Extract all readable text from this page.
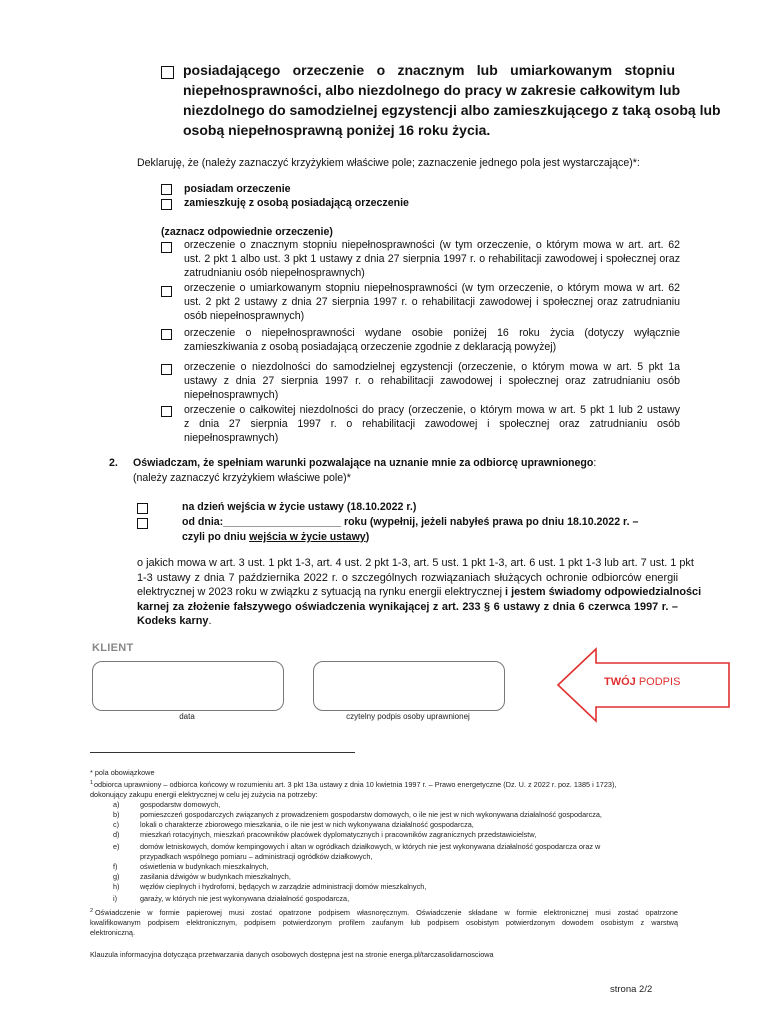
posiadającego orzeczenie o znacznym lub umiarkowanym stopniu
niepełnosprawności, albo niezdolnego do pracy w zakresie całkowitym lub
niezdolnego do samodzielnej egzystencji albo zamieszkującego z taką osobą lub
osobą niepełnosprawną poniżej 16 roku życia.
Deklaruję, że (należy zaznaczyć krzyżykiem właściwe pole; zaznaczenie jednego pola jest wystarczające)*:
posiadam orzeczenie
zamieszkuję z osobą posiadającą orzeczenie
(zaznacz odpowiednie orzeczenie)
orzeczenie o znacznym stopniu niepełnosprawności (w tym orzeczenie, o którym mowa w art. art. 62
ust. 2 pkt 1 albo ust. 3 pkt 1 ustawy z dnia 27 sierpnia 1997 r. o rehabilitacji zawodowej i społecznej oraz
zatrudnianiu osób niepełnosprawnych)
orzeczenie o umiarkowanym stopniu niepełnosprawności (w tym orzeczenie, o którym mowa w art. 62
ust. 2 pkt 2 ustawy z dnia 27 sierpnia 1997 r. o rehabilitacji zawodowej i społecznej oraz zatrudnianiu
osób niepełnosprawnych)
orzeczenie o niepełnosprawności wydane osobie poniżej 16 roku życia (dotyczy wyłącznie
zamieszkiwania z osobą posiadającą orzeczenie zgodnie z deklaracją powyżej)
orzeczenie o niezdolności do samodzielnej egzystencji (orzeczenie, o którym mowa w art. 5 pkt 1a
ustawy z dnia 27 sierpnia 1997 r. o rehabilitacji zawodowej i społecznej oraz zatrudnianiu osób
niepełnosprawnych)
orzeczenie o całkowitej niezdolności do pracy (orzeczenie, o którym mowa w art. 5 pkt 1 lub 2 ustawy
z dnia 27 sierpnia 1997 r. o rehabilitacji zawodowej i społecznej oraz zatrudnianiu osób
niepełnosprawnych)
2. Oświadczam, że spełniam warunki pozwalające na uznanie mnie za odbiorcę uprawnionego:
(należy zaznaczyć krzyżykiem właściwe pole)*
na dzień wejścia w życie ustawy (18.10.2022 r.)
od dnia:____________________ roku (wypełnij, jeżeli nabyłeś prawa po dniu 18.10.2022 r. –
czyli po dniu wejścia w życie ustawy)
o jakich mowa w art. 3 ust. 1 pkt 1-3, art. 4 ust. 2 pkt 1-3, art. 5 ust. 1 pkt 1-3, art. 6 ust. 1 pkt 1-3 lub art. 7 ust. 1 pkt
1-3 ustawy z dnia 7 października 2022 r. o szczególnych rozwiązaniach służących ochronie odbiorców energii
elektrycznej w 2023 roku w związku z sytuacją na rynku energii elektrycznej i jestem świadomy odpowiedzialności
karnej za złożenie fałszywego oświadczenia wynikającej z art. 233 § 6 ustawy z dnia 6 czerwca 1997 r. –
Kodeks karny.
KLIENT
data	czytelny podpis osoby uprawnionej
TWÓJ PODPIS
* pola obowiązkowe
1 odbiorca uprawniony – odbiorca końcowy w rozumieniu art. 3 pkt 13a ustawy z dnia 10 kwietnia 1997 r. – Prawo energetyczne (Dz. U. z 2022 r. poz. 1385 i 1723),
dokonujący zakupu energii elektrycznej w celu jej zużycia na potrzeby:
a)	gospodarstw domowych,
b)	pomieszczeń gospodarczych związanych z prowadzeniem gospodarstw domowych, o ile nie jest w nich wykonywana działalność gospodarcza,
c)	lokali o charakterze zbiorowego mieszkania, o ile nie jest w nich wykonywana działalność gospodarcza,
d)	mieszkań rotacyjnych, mieszkań pracowników placówek dyplomatycznych i pracowników zagranicznych przedstawicielstw,
e)	domów letniskowych, domów kempingowych i altan w ogródkach działkowych, w których nie jest wykonywana działalność gospodarcza oraz w
przypadkach wspólnego pomiaru – administracji ogródków działkowych,
f)	oświetlenia w budynkach mieszkalnych,
g)	zasilania dźwigów w budynkach mieszkalnych,
h)	węzłów cieplnych i hydroforni, będących w zarządzie administracji domów mieszkalnych,
i)	garaży, w których nie jest wykonywana działalność gospodarcza,
2 Oświadczenie w formie papierowej musi zostać opatrzone podpisem własnoręcznym. Oświadczenie składane w formie elektronicznej musi zostać opatrzone
kwalifikowanym podpisem elektronicznym, podpisem potwierdzonym profilem zaufanym lub podpisem osobistym potwierdzonym dowodem osobistym z warstwą
elektroniczną.
Klauzula informacyjna dotycząca przetwarzania danych osobowych dostępna jest na stronie energa.pl/tarczasolidarnosciowa
strona 2/2
